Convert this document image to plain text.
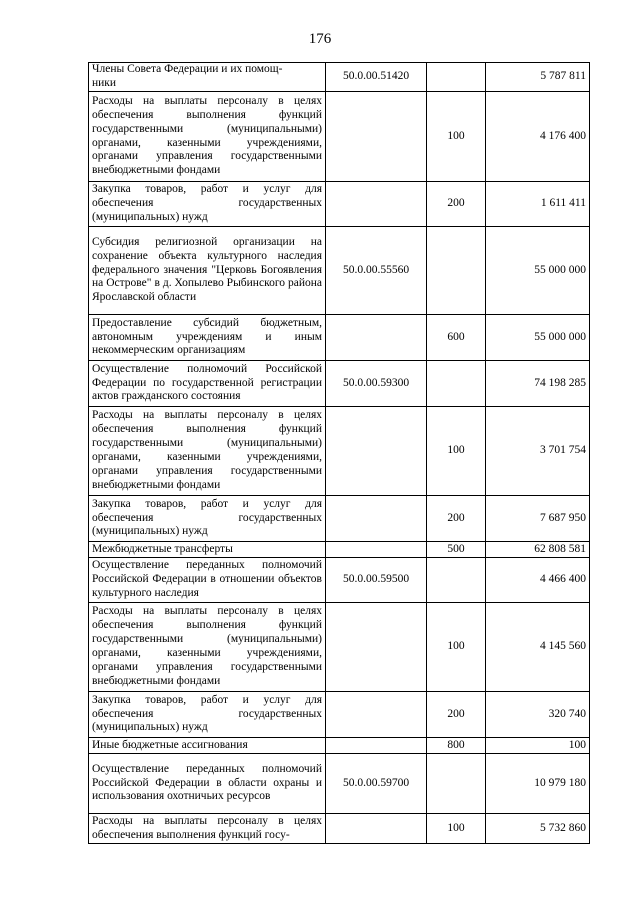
176
Члены Совета Федерации и их помощ-
ники	50.0.00.51420		5 787 811
Расходы на выплаты персоналу в целях обеспечения выполнения функций государственными (муниципальными) органами, казенными учреждениями, органами управления государственными внебюджетными фондами		100	4 176 400
Закупка товаров, работ и услуг для обеспечения государственных (муниципальных) нужд		200	1 611 411
Субсидия религиозной организации на сохранение объекта культурного наследия федерального значения "Церковь Богоявления на Острове" в д. Хопылево Рыбинского района Ярославской области	50.0.00.55560		55 000 000
Предоставление субсидий бюджетным, автономным учреждениям и иным некоммерческим организациям		600	55 000 000
Осуществление полномочий Российской Федерации по государственной регистрации актов гражданского состояния	50.0.00.59300		74 198 285
Расходы на выплаты персоналу в целях обеспечения выполнения функций государственными (муниципальными) органами, казенными учреждениями, органами управления государственными внебюджетными фондами		100	3 701 754
Закупка товаров, работ и услуг для обеспечения государственных (муниципальных) нужд		200	7 687 950
Межбюджетные трансферты		500	62 808 581
Осуществление переданных полномочий Российской Федерации в отношении объектов культурного наследия	50.0.00.59500		4 466 400
Расходы на выплаты персоналу в целях обеспечения выполнения функций государственными (муниципальными) органами, казенными учреждениями, органами управления государственными внебюджетными фондами		100	4 145 560
Закупка товаров, работ и услуг для обеспечения государственных (муниципальных) нужд		200	320 740
Иные бюджетные ассигнования		800	100
Осуществление переданных полномочий Российской Федерации в области охраны и использования охотничьих ресурсов	50.0.00.59700		10 979 180
Расходы на выплаты персоналу в целях обеспечения выполнения функций госу-		100	5 732 860
